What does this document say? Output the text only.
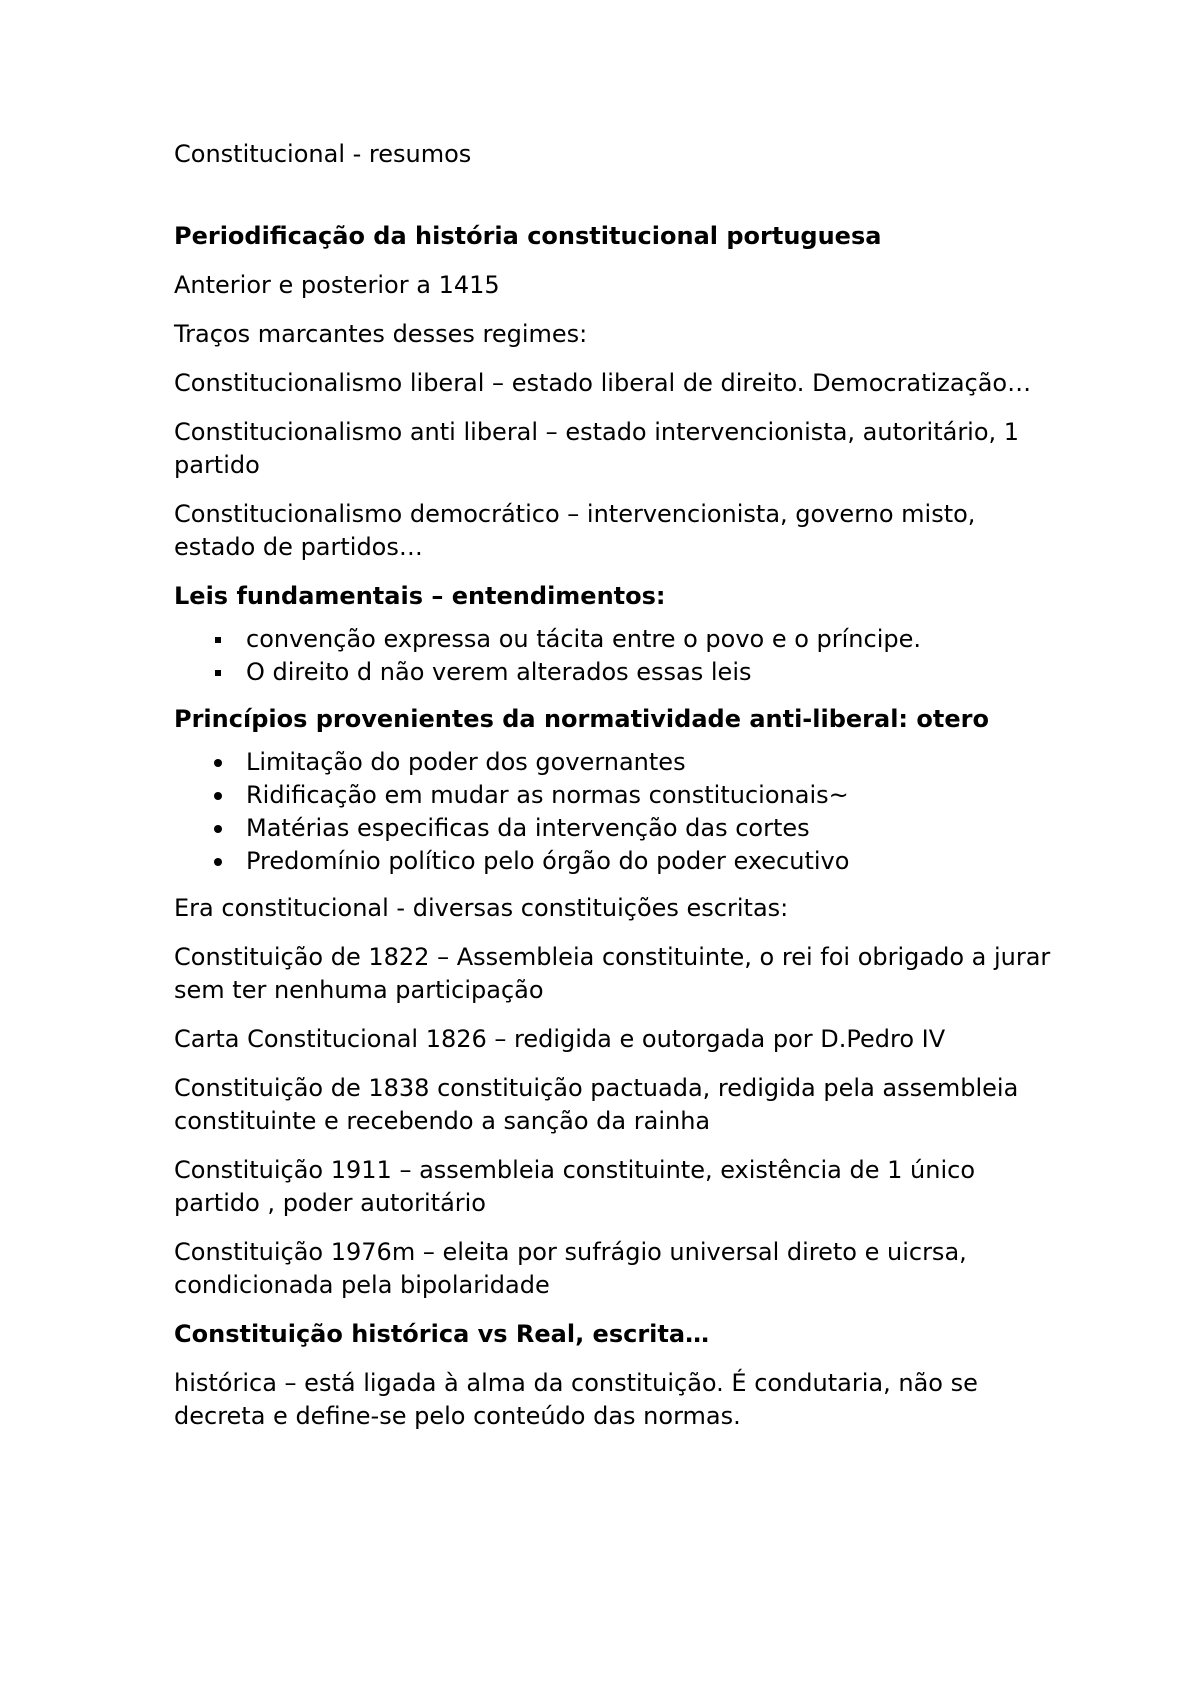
Constitucional - resumos
Periodificação da história constitucional portuguesa
Anterior e posterior a 1415
Traços marcantes desses regimes:
Constitucionalismo liberal – estado liberal de direito. Democratização…
Constitucionalismo anti liberal – estado intervencionista, autoritário, 1 partido
Constitucionalismo democrático – intervencionista, governo misto, estado de partidos…
Leis fundamentais – entendimentos:
convenção expressa ou tácita entre o povo e o príncipe.
O direito d não verem alterados essas leis
Princípios provenientes da normatividade anti-liberal: otero
Limitação do poder dos governantes
Ridificação em mudar as normas constitucionais~
Matérias especificas da intervenção das cortes
Predomínio político pelo órgão do poder executivo
Era constitucional - diversas constituições escritas:
Constituição de 1822 – Assembleia constituinte, o rei foi obrigado a jurar sem ter nenhuma participação
Carta Constitucional 1826 – redigida e outorgada por D.Pedro IV
Constituição de 1838 constituição pactuada, redigida pela assembleia constituinte e recebendo a sanção da rainha
Constituição 1911 – assembleia constituinte, existência de 1 único partido , poder autoritário
Constituição 1976m – eleita por sufrágio universal direto e uicrsa, condicionada pela bipolaridade
Constituição histórica vs Real, escrita…
histórica – está ligada à alma da constituição. É condutaria, não se decreta e define-se pelo conteúdo das normas.
